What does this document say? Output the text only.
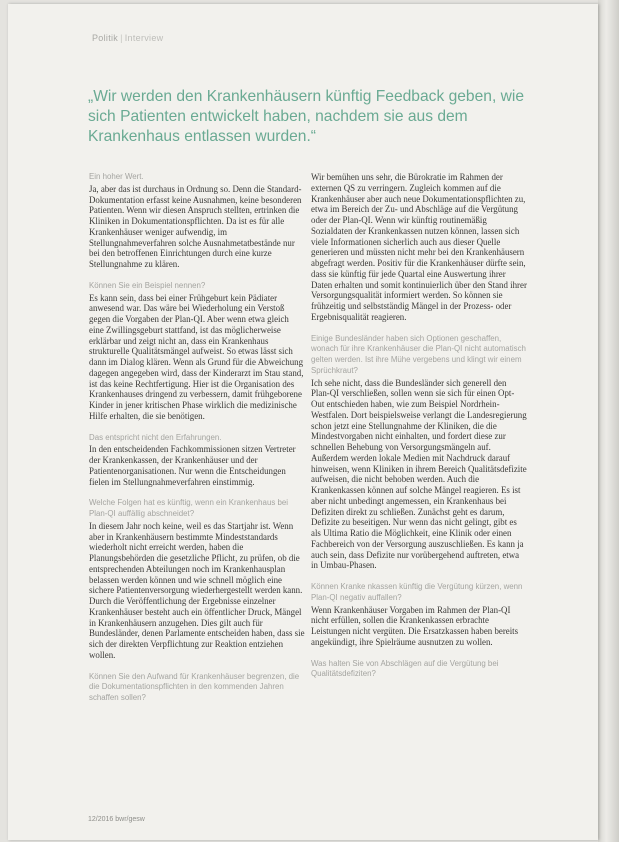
Politik | Interview
„Wir werden den Krankenhäusern künftig Feedback geben, wie sich Patienten entwickelt haben, nachdem sie aus dem Krankenhaus entlassen wurden.“

Ein hoher Wert.

Ja, aber das ist durchaus in Ordnung so. Denn die Standard-Dokumentation erfasst keine Ausnahmen, keine besonderen Patienten. Wenn wir diesen Anspruch stellten, ertrinken die Kliniken in Dokumentationspflichten. Da ist es für alle Krankenhäuser weniger aufwendig, im Stellungnahmeverfahren solche Ausnahmetatbestände nur bei den betroffenen Einrichtungen durch eine kurze Stellungnahme zu klären.

Können Sie ein Beispiel nennen?

Es kann sein, dass bei einer Frühgeburt kein Pädiater anwesend war. Das wäre bei Wiederholung ein Verstoß gegen die Vorgaben der Plan-QI. Aber wenn etwa gleich eine Zwillingsgeburt stattfand, ist das möglicherweise erklärbar und zeigt nicht an, dass ein Krankenhaus strukturelle Qualitätsmängel aufweist. So etwas lässt sich dann im Dialog klären. Wenn als Grund für die Abweichung dagegen angegeben wird, dass der Kinderarzt im Stau stand, ist das keine Rechtfertigung. Hier ist die Organisation des Krankenhauses dringend zu verbessern, damit frühgeborene Kinder in jener kritischen Phase wirklich die medizinische Hilfe erhalten, die sie benötigen.

Das entspricht nicht den Erfahrungen.

In den entscheidenden Fachkommissionen sitzen Vertreter der Krankenkassen, der Krankenhäuser und der Patientenorganisationen. Nur wenn die Entscheidungen fielen im Stellungnahmeverfahren einstimmig.

Welche Folgen hat es künftig, wenn ein Krankenhaus bei Plan-QI auffällig abschneidet?

In diesem Jahr noch keine, weil es das Startjahr ist. Wenn aber in Krankenhäusern bestimmte Mindeststandards wiederholt nicht erreicht werden, haben die Planungsbehörden die gesetzliche Pflicht, zu prüfen, ob die entsprechenden Abteilungen noch im Krankenhausplan belassen werden können und wie schnell möglich eine sichere Patientenversorgung wiederhergestellt werden kann. Durch die Veröffentlichung der Ergebnisse einzelner Krankenhäuser besteht auch ein öffentlicher Druck, Mängel in Krankenhäusern anzugehen. Dies gilt auch für Bundesländer, denen Parlamente entscheiden haben, dass sie sich der direkten Verpflichtung zur Reaktion entziehen wollen.

Können Sie den Aufwand für Krankenhäuser begrenzen, die die Dokumentationspflichten in den kommenden Jahren schaffen sollen?

Wir bemühen uns sehr, die Bürokratie im Rahmen der externen QS zu verringern. Zugleich kommen auf die Krankenhäuser aber auch neue Dokumentationspflichten zu, etwa im Bereich der Zu- und Abschläge auf die Vergütung oder der Plan-QI. Wenn wir künftig routinemäßig Sozialdaten der Krankenkassen nutzen können, lassen sich viele Informationen sicherlich auch aus dieser Quelle generieren und müssten nicht mehr bei den Krankenhäusern abgefragt werden. Positiv für die Krankenhäuser dürfte sein, dass sie künftig für jede Quartal eine Auswertung ihrer Daten erhalten und somit kontinuierlich über den Stand ihrer Versorgungsqualität informiert werden. So können sie frühzeitig und selbstständig Mängel in der Prozess- oder Ergebnisqualität reagieren.

Einige Bundesländer haben sich Optionen geschaffen, wonach für ihre Krankenhäuser die Plan-QI nicht automatisch gelten werden. Ist ihre Mühe vergebens und klingt wir einem Sprüchkraut?

Ich sehe nicht, dass die Bundesländer sich generell den Plan-QI verschließen, sollen wenn sie sich für einen Opt-Out entschieden haben, wie zum Beispiel Nordrhein-Westfalen. Dort beispielsweise verlangt die Landesregierung schon jetzt eine Stellungnahme der Kliniken, die die Mindestvorgaben nicht einhalten, und fordert diese zur schnellen Behebung von Versorgungsmängeln auf. Außerdem werden lokale Medien mit Nachdruck darauf hinweisen, wenn Kliniken in ihrem Bereich Qualitätsdefizite aufweisen, die nicht behoben werden. Auch die Krankenkassen können auf solche Mängel reagieren. Es ist aber nicht unbedingt angemessen, ein Krankenhaus bei Defiziten direkt zu schließen. Zunächst geht es darum, Defizite zu beseitigen. Nur wenn das nicht gelingt, gibt es als Ultima Ratio die Möglichkeit, eine Klinik oder einen Fachbereich von der Versorgung auszuschließen. Es kann ja auch sein, dass Defizite nur vorübergehend auftreten, etwa in Umbau-Phasen.

Können Kranke nkassen künftig die Vergütung kürzen, wenn Plan-QI negativ auffallen?

Wenn Krankenhäuser Vorgaben im Rahmen der Plan-QI nicht erfüllen, sollen die Krankenkassen erbrachte Leistungen nicht vergüten. Die Ersatzkassen haben bereits angekündigt, ihre Spielräume ausnutzen zu wollen.

Was halten Sie von Abschlägen auf die Vergütung bei Qualitätsdefiziten?

12/2016 bwr/gesw
